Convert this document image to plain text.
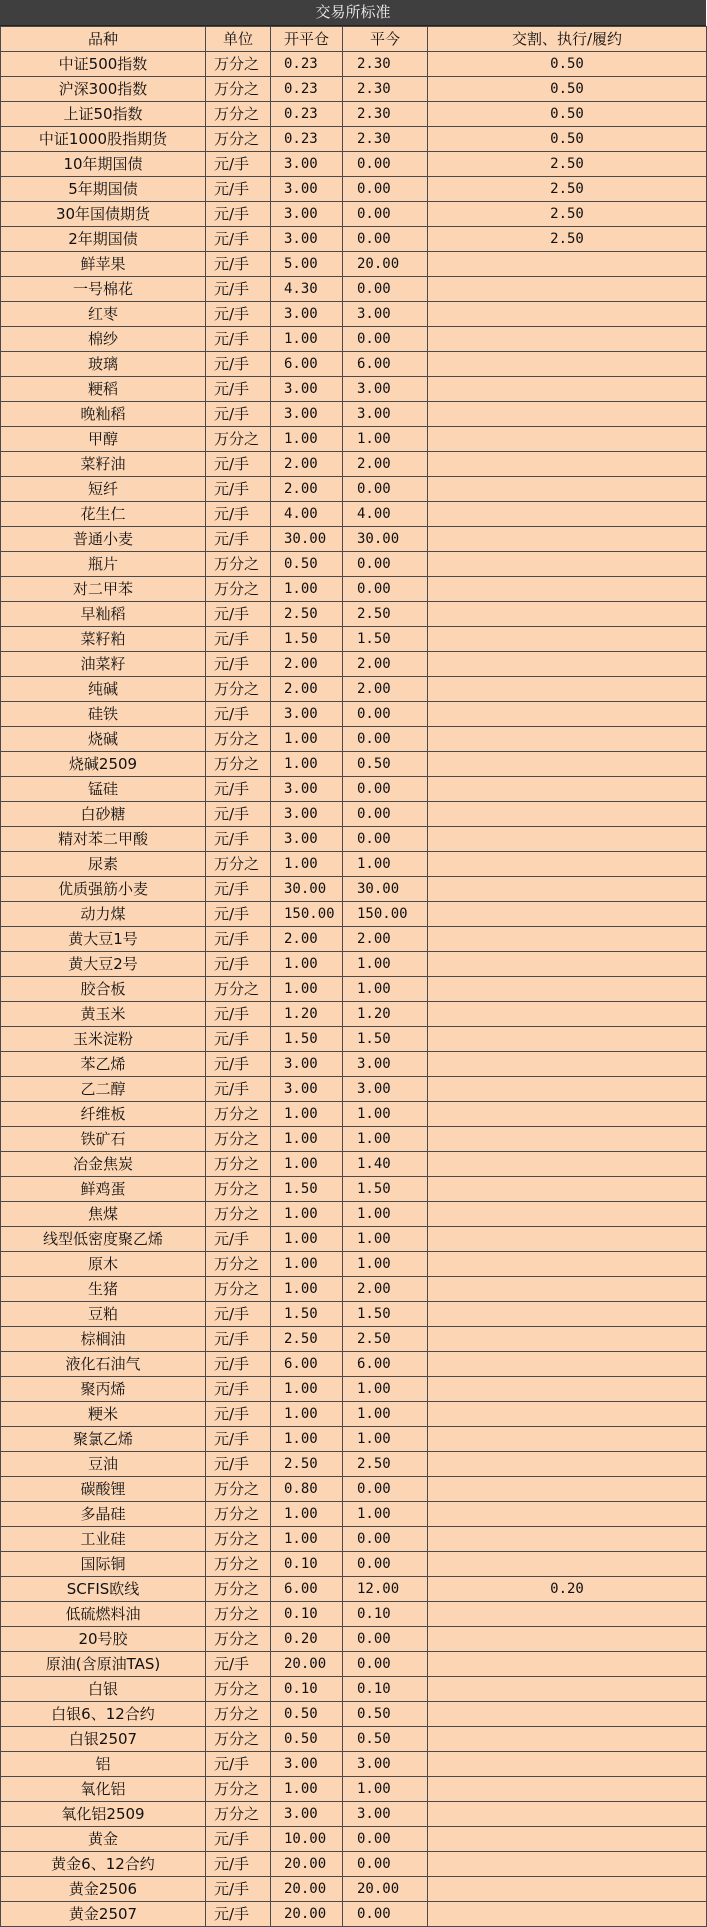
交易所标准
品种	单位	开平仓	平今	交割、执行/履约
中证500指数	万分之	0.23	2.30	0.50
沪深300指数	万分之	0.23	2.30	0.50
上证50指数	万分之	0.23	2.30	0.50
中证1000股指期货	万分之	0.23	2.30	0.50
10年期国债	元/手	3.00	0.00	2.50
5年期国债	元/手	3.00	0.00	2.50
30年国债期货	元/手	3.00	0.00	2.50
2年期国债	元/手	3.00	0.00	2.50
鲜苹果	元/手	5.00	20.00	
一号棉花	元/手	4.30	0.00	
红枣	元/手	3.00	3.00	
棉纱	元/手	1.00	0.00	
玻璃	元/手	6.00	6.00	
粳稻	元/手	3.00	3.00	
晚籼稻	元/手	3.00	3.00	
甲醇	万分之	1.00	1.00	
菜籽油	元/手	2.00	2.00	
短纤	元/手	2.00	0.00	
花生仁	元/手	4.00	4.00	
普通小麦	元/手	30.00	30.00	
瓶片	万分之	0.50	0.00	
对二甲苯	万分之	1.00	0.00	
早籼稻	元/手	2.50	2.50	
菜籽粕	元/手	1.50	1.50	
油菜籽	元/手	2.00	2.00	
纯碱	万分之	2.00	2.00	
硅铁	元/手	3.00	0.00	
烧碱	万分之	1.00	0.00	
烧碱2509	万分之	1.00	0.50	
锰硅	元/手	3.00	0.00	
白砂糖	元/手	3.00	0.00	
精对苯二甲酸	元/手	3.00	0.00	
尿素	万分之	1.00	1.00	
优质强筋小麦	元/手	30.00	30.00	
动力煤	元/手	150.00	150.00	
黄大豆1号	元/手	2.00	2.00	
黄大豆2号	元/手	1.00	1.00	
胶合板	万分之	1.00	1.00	
黄玉米	元/手	1.20	1.20	
玉米淀粉	元/手	1.50	1.50	
苯乙烯	元/手	3.00	3.00	
乙二醇	元/手	3.00	3.00	
纤维板	万分之	1.00	1.00	
铁矿石	万分之	1.00	1.00	
冶金焦炭	万分之	1.00	1.40	
鲜鸡蛋	万分之	1.50	1.50	
焦煤	万分之	1.00	1.00	
线型低密度聚乙烯	元/手	1.00	1.00	
原木	万分之	1.00	1.00	
生猪	万分之	1.00	2.00	
豆粕	元/手	1.50	1.50	
棕榈油	元/手	2.50	2.50	
液化石油气	元/手	6.00	6.00	
聚丙烯	元/手	1.00	1.00	
粳米	元/手	1.00	1.00	
聚氯乙烯	元/手	1.00	1.00	
豆油	元/手	2.50	2.50	
碳酸锂	万分之	0.80	0.00	
多晶硅	万分之	1.00	1.00	
工业硅	万分之	1.00	0.00	
国际铜	万分之	0.10	0.00	
SCFIS欧线	万分之	6.00	12.00	0.20
低硫燃料油	万分之	0.10	0.10	
20号胶	万分之	0.20	0.00	
原油(含原油TAS)	元/手	20.00	0.00	
白银	万分之	0.10	0.10	
白银6、12合约	万分之	0.50	0.50	
白银2507	万分之	0.50	0.50	
铝	元/手	3.00	3.00	
氧化铝	万分之	1.00	1.00	
氧化铝2509	万分之	3.00	3.00	
黄金	元/手	10.00	0.00	
黄金6、12合约	元/手	20.00	0.00	
黄金2506	元/手	20.00	20.00	
黄金2507	元/手	20.00	0.00	
